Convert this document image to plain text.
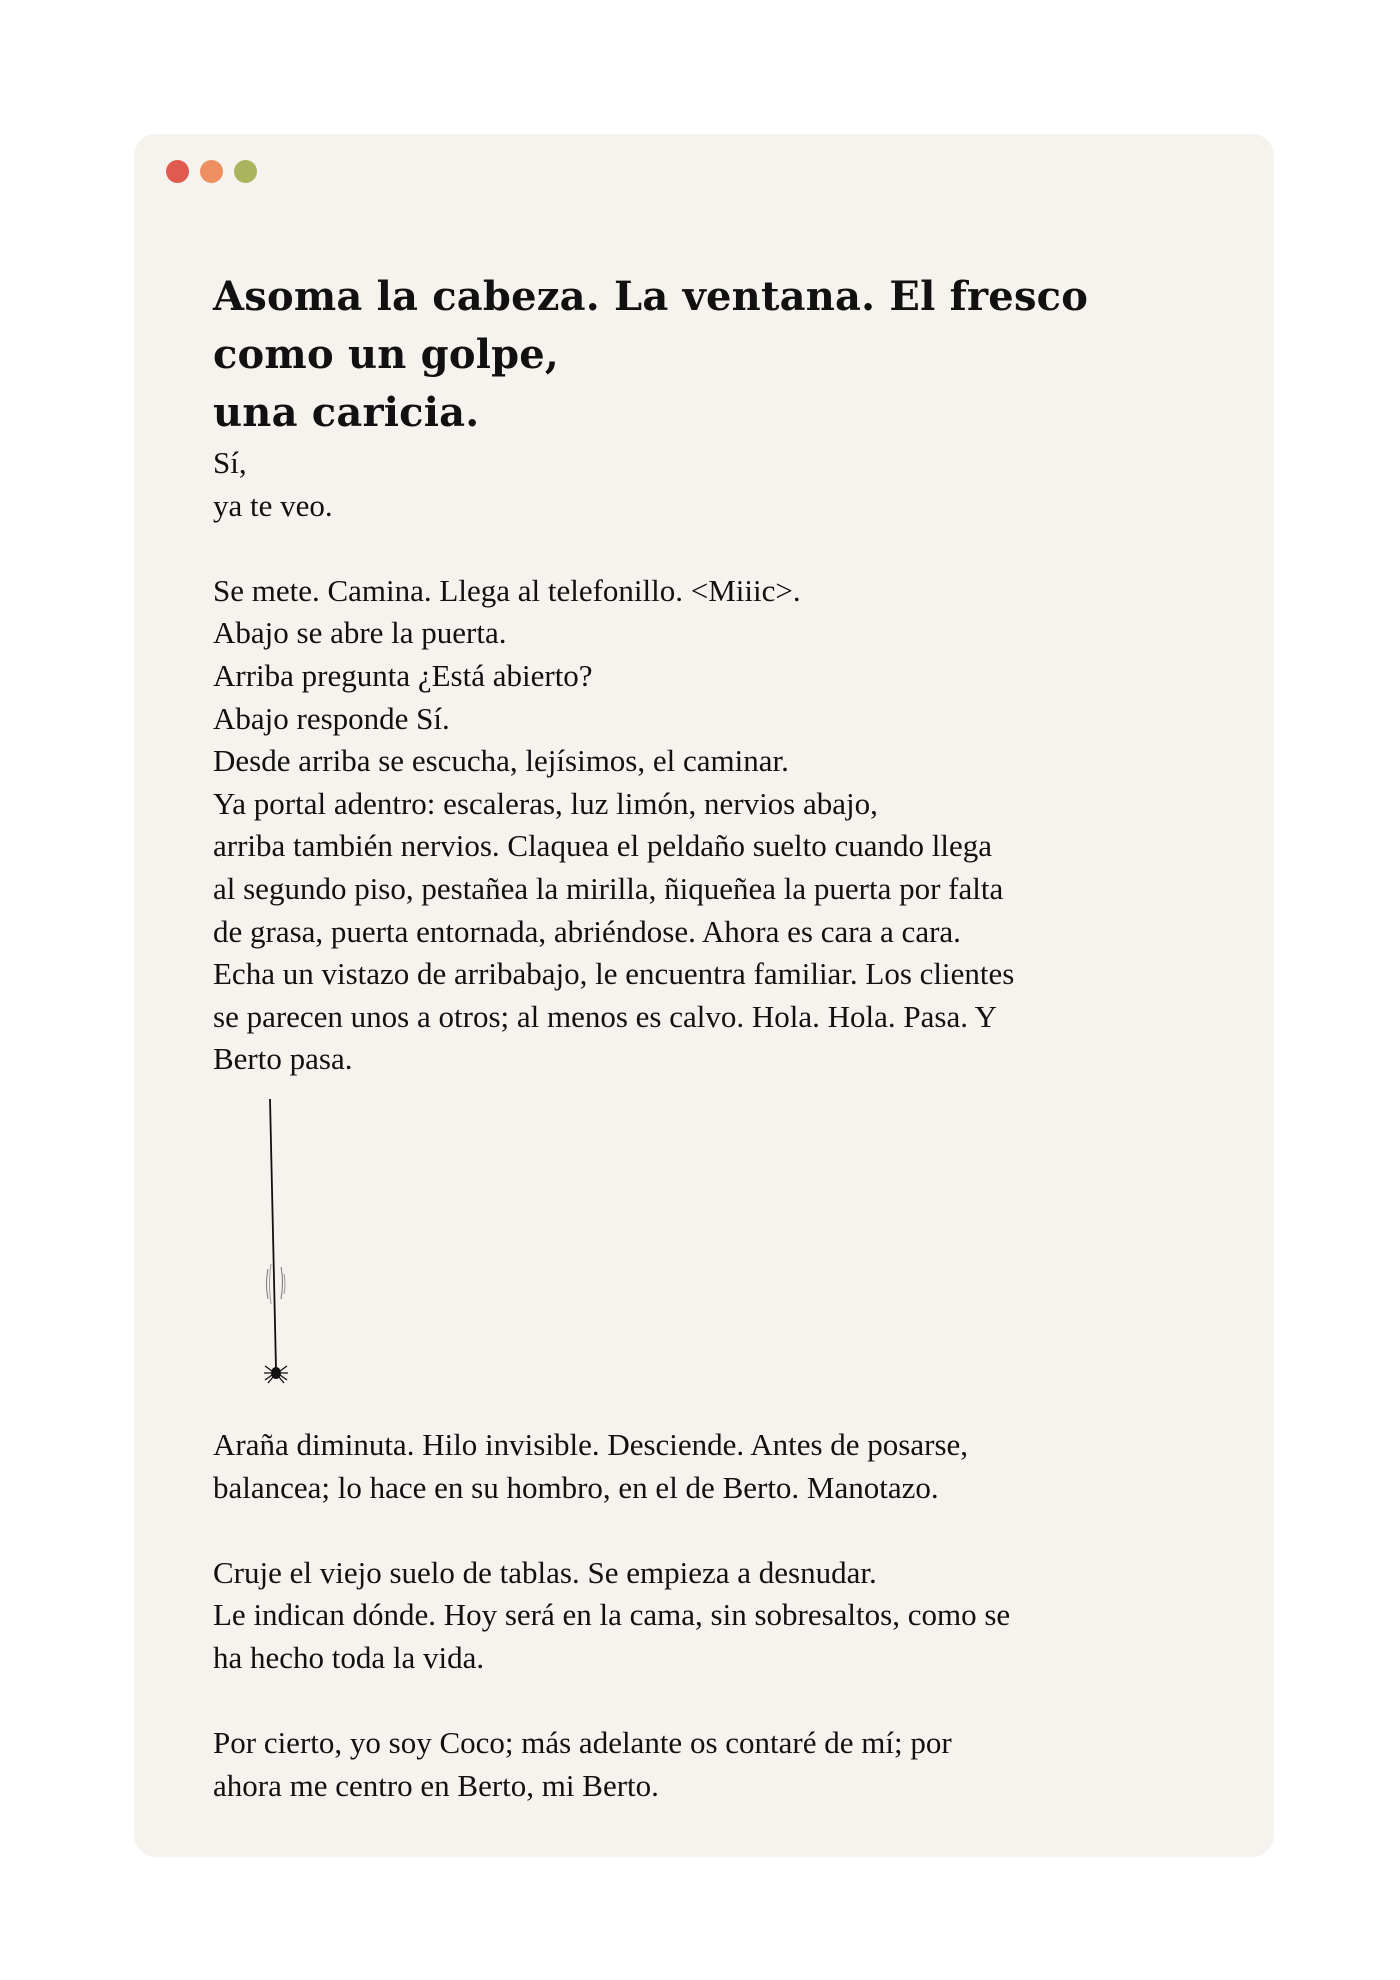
Asoma la cabeza. La ventana. El fresco
como un golpe,
una caricia.

Sí,
ya te veo.

Se mete. Camina. Llega al telefonillo. <Miiic>.
Abajo se abre la puerta.
Arriba pregunta ¿Está abierto?
Abajo responde Sí.
Desde arriba se escucha, lejísimos, el caminar.
Ya portal adentro: escaleras, luz limón, nervios abajo,
arriba también nervios. Claquea el peldaño suelto cuando llega
al segundo piso, pestañea la mirilla, ñiqueñea la puerta por falta
de grasa, puerta entornada, abriéndose. Ahora es cara a cara.
Echa un vistazo de arribabajo, le encuentra familiar. Los clientes
se parecen unos a otros; al menos es calvo. Hola. Hola. Pasa. Y
Berto pasa.

Araña diminuta. Hilo invisible. Desciende. Antes de posarse,
balancea; lo hace en su hombro, en el de Berto. Manotazo.

Cruje el viejo suelo de tablas. Se empieza a desnudar.
Le indican dónde. Hoy será en la cama, sin sobresaltos, como se
ha hecho toda la vida.

Por cierto, yo soy Coco; más adelante os contaré de mí; por
ahora me centro en Berto, mi Berto.
